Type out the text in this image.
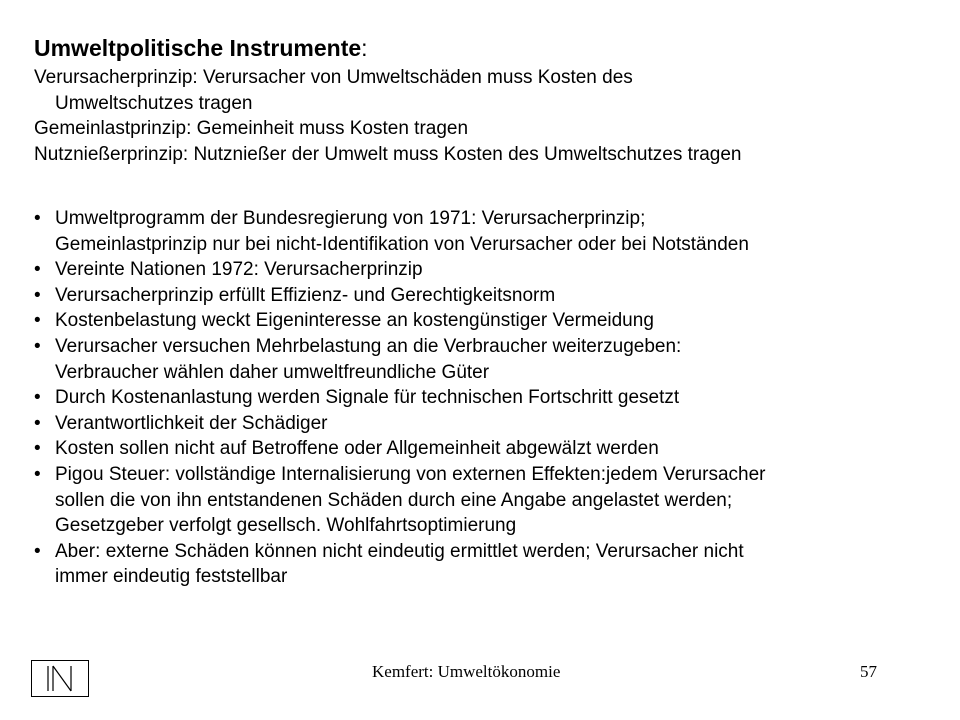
Umweltpolitische Instrumente:
Verursacherprinzip: Verursacher von Umweltschäden muss Kosten des
Umweltschutzes tragen
Gemeinlastprinzip: Gemeinheit muss Kosten tragen
Nutznießerprinzip: Nutznießer der Umwelt muss Kosten des Umweltschutzes tragen
• Umweltprogramm der Bundesregierung von 1971: Verursacherprinzip;
Gemeinlastprinzip nur bei nicht-Identifikation von Verursacher oder bei Notständen
• Vereinte Nationen 1972: Verursacherprinzip
• Verursacherprinzip erfüllt Effizienz- und Gerechtigkeitsnorm
• Kostenbelastung weckt Eigeninteresse an kostengünstiger Vermeidung
• Verursacher versuchen Mehrbelastung an die Verbraucher weiterzugeben:
Verbraucher wählen daher umweltfreundliche Güter
• Durch Kostenanlastung werden Signale für technischen Fortschritt gesetzt
• Verantwortlichkeit der Schädiger
• Kosten sollen nicht auf Betroffene oder Allgemeinheit abgewälzt werden
• Pigou Steuer: vollständige Internalisierung von externen Effekten:jedem Verursacher
sollen die von ihn entstandenen Schäden durch eine Angabe angelastet werden;
Gesetzgeber verfolgt gesellsch. Wohlfahrtsoptimierung
• Aber: externe Schäden können nicht eindeutig ermittlet werden; Verursacher nicht
immer eindeutig feststellbar
Kemfert: Umweltökonomie	57
